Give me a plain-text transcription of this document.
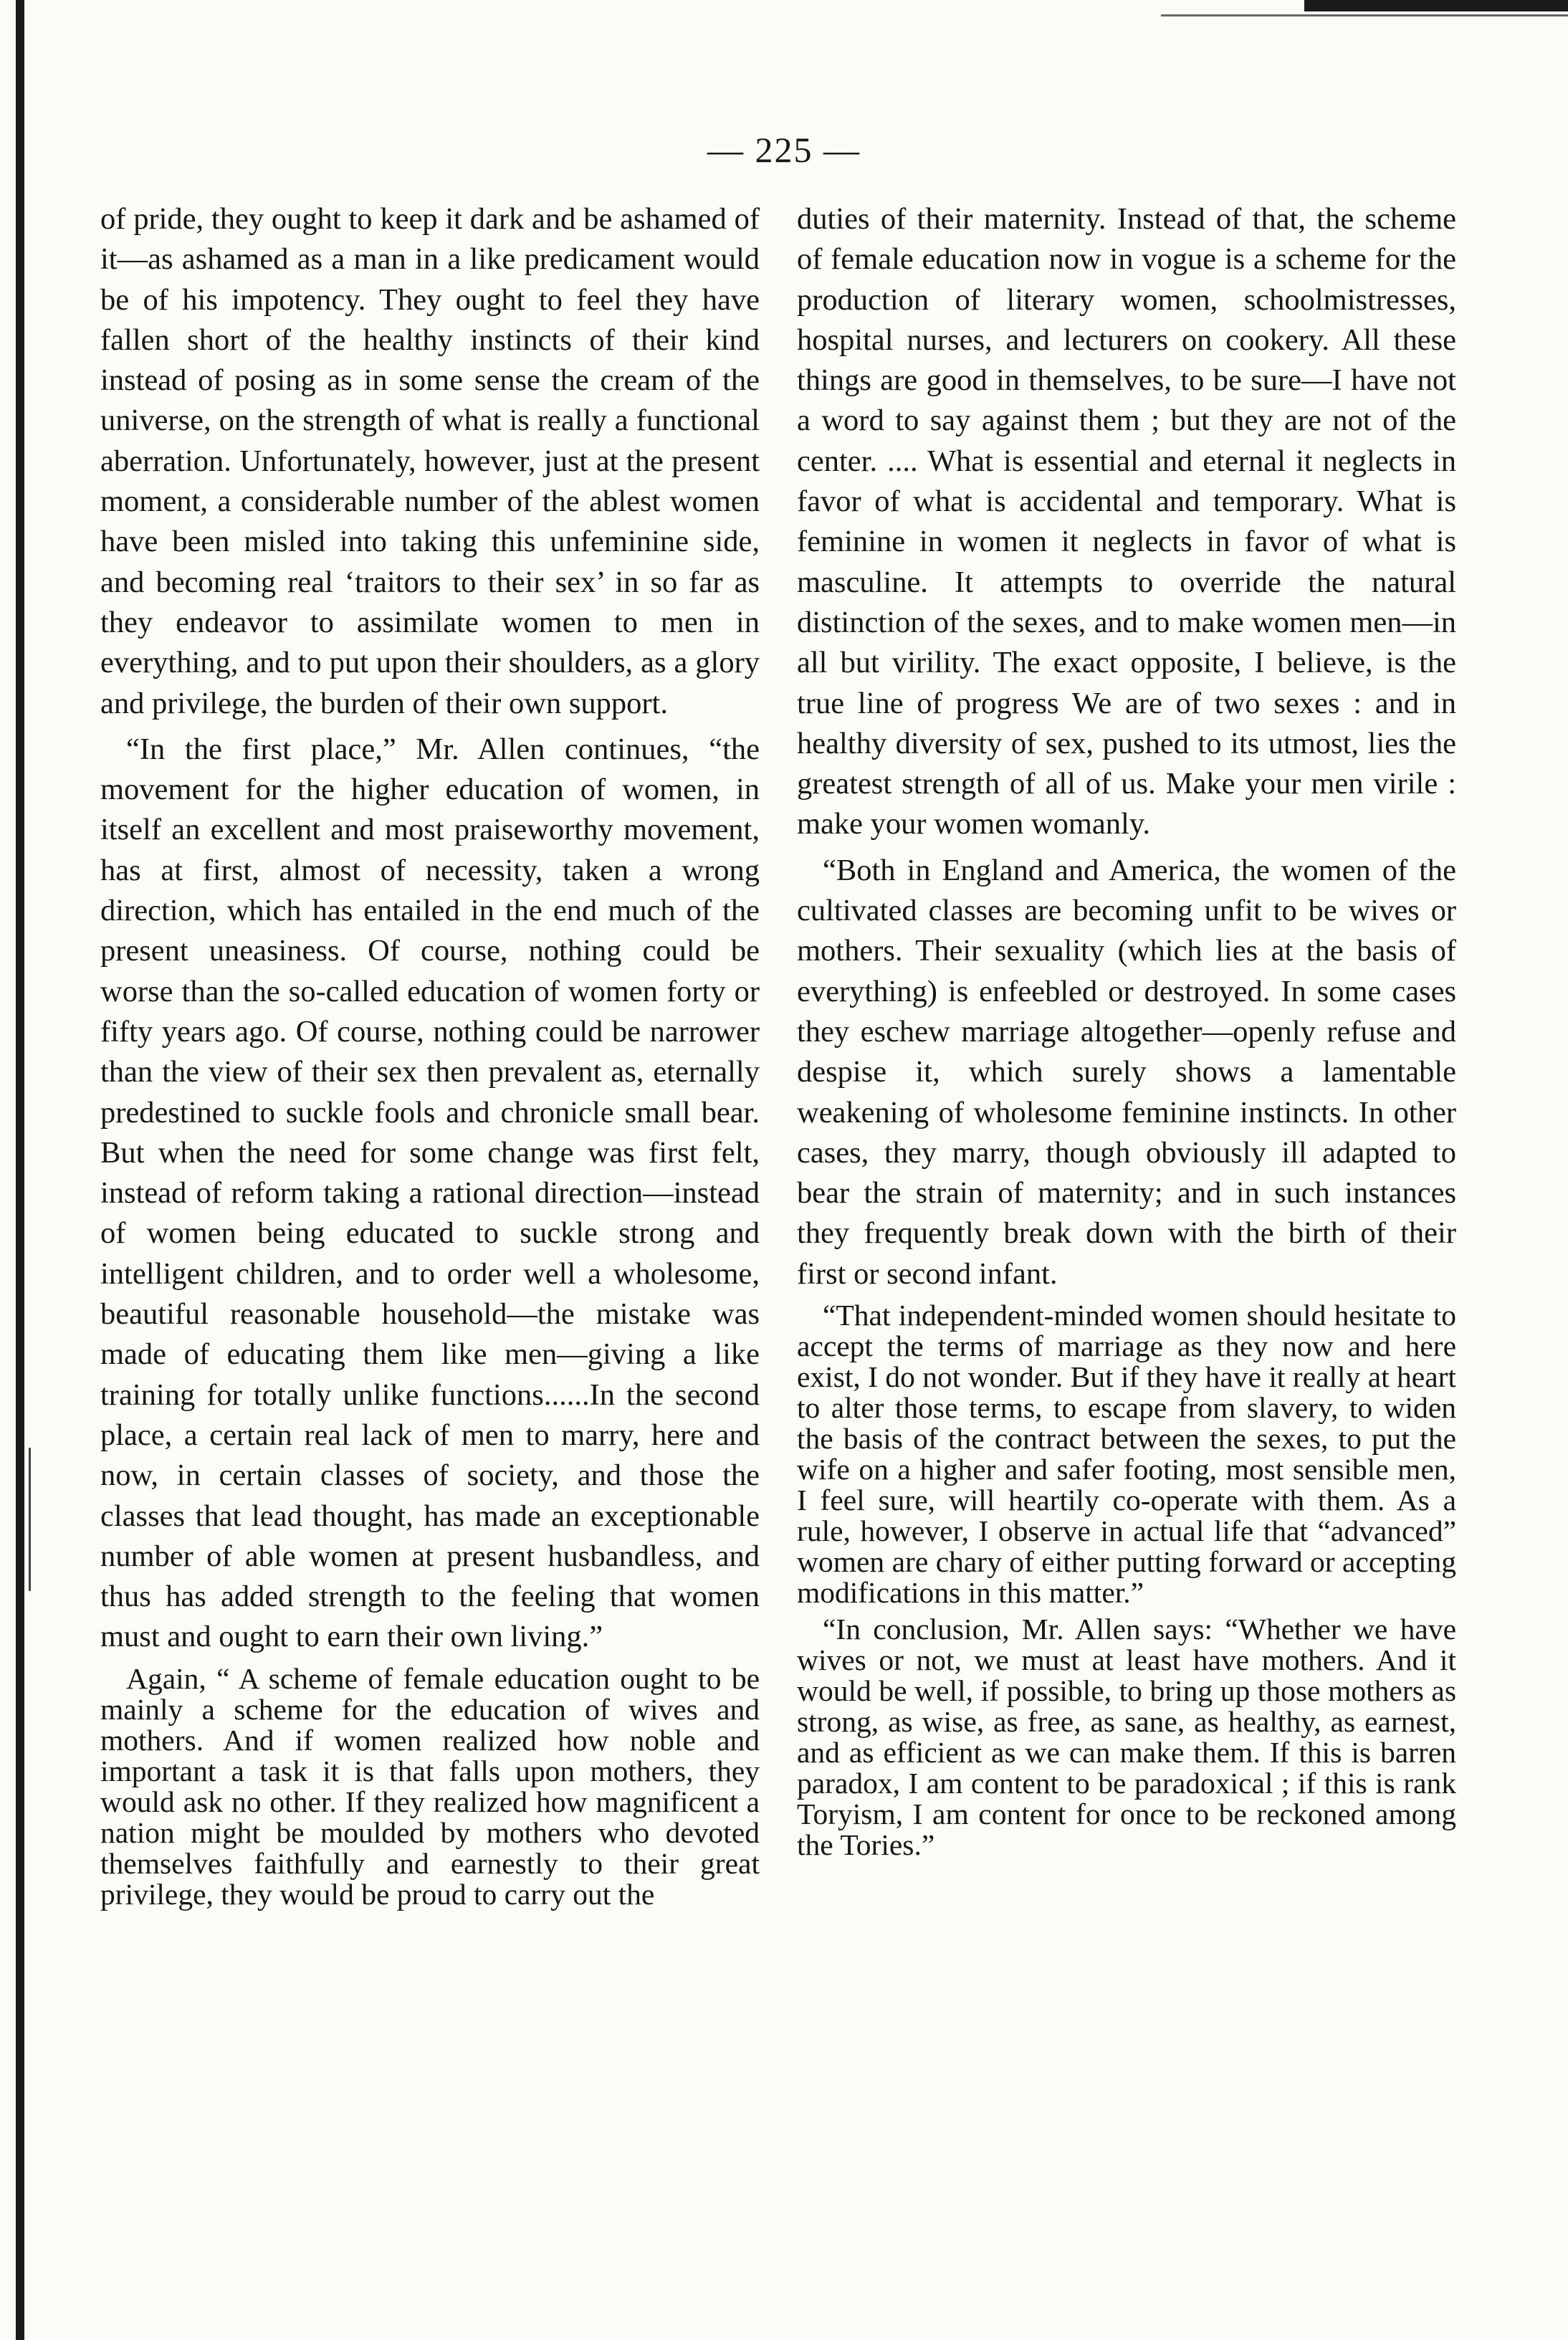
— 225 —

of pride, they ought to keep it dark and be ashamed of it—as ashamed as a man in a like predicament would be of his impotency. They ought to feel they have fallen short of the healthy instincts of their kind instead of posing as in some sense the cream of the universe, on the strength of what is really a functional aberration. Unfortunately, however, just at the present moment, a considerable number of the ablest women have been misled into taking this unfeminine side, and becoming real ‘traitors to their sex’ in so far as they endeavor to assimilate women to men in everything, and to put upon their shoulders, as a glory and privilege, the burden of their own support.

“In the first place,” Mr. Allen continues, “the movement for the higher education of women, in itself an excellent and most praiseworthy movement, has at first, almost of necessity, taken a wrong direction, which has entailed in the end much of the present uneasiness. Of course, nothing could be worse than the so-called education of women forty or fifty years ago. Of course, nothing could be narrower than the view of their sex then prevalent as, eternally predestined to suckle fools and chronicle small bear. But when the need for some change was first felt, instead of reform taking a rational direction—instead of women being educated to suckle strong and intelligent children, and to order well a wholesome, beautiful reasonable household—the mistake was made of educating them like men—giving a like training for totally unlike functions......In the second place, a certain real lack of men to marry, here and now, in certain classes of society, and those the classes that lead thought, has made an exceptionable number of able women at present husbandless, and thus has added strength to the feeling that women must and ought to earn their own living.”

Again, “ A scheme of female education ought to be mainly a scheme for the education of wives and mothers. And if women realized how noble and important a task it is that falls upon mothers, they would ask no other. If they realized how magnificent a nation might be moulded by mothers who devoted themselves faithfully and earnestly to their great privilege, they would be proud to carry out the

duties of their maternity. Instead of that, the scheme of female education now in vogue is a scheme for the production of literary women, schoolmistresses, hospital nurses, and lecturers on cookery. All these things are good in themselves, to be sure—I have not a word to say against them ; but they are not of the center. .... What is essential and eternal it neglects in favor of what is accidental and temporary. What is feminine in women it neglects in favor of what is masculine. It attempts to override the natural distinction of the sexes, and to make women men—in all but virility. The exact opposite, I believe, is the true line of progress We are of two sexes : and in healthy diversity of sex, pushed to its utmost, lies the greatest strength of all of us. Make your men virile : make your women womanly.

“Both in England and America, the women of the cultivated classes are becoming unfit to be wives or mothers. Their sexuality (which lies at the basis of everything) is enfeebled or destroyed. In some cases they eschew marriage altogether—openly refuse and despise it, which surely shows a lamentable weakening of wholesome feminine instincts. In other cases, they marry, though obviously ill adapted to bear the strain of maternity; and in such instances they frequently break down with the birth of their first or second infant.

“That independent-minded women should hesitate to accept the terms of marriage as they now and here exist, I do not wonder. But if they have it really at heart to alter those terms, to escape from slavery, to widen the basis of the contract between the sexes, to put the wife on a higher and safer footing, most sensible men, I feel sure, will heartily co-operate with them. As a rule, however, I observe in actual life that “advanced” women are chary of either putting forward or accepting modifications in this matter.”

“In conclusion, Mr. Allen says: “Whether we have wives or not, we must at least have mothers. And it would be well, if possible, to bring up those mothers as strong, as wise, as free, as sane, as healthy, as earnest, and as efficient as we can make them. If this is barren paradox, I am content to be paradoxical ; if this is rank Toryism, I am content for once to be reckoned among the Tories.”
